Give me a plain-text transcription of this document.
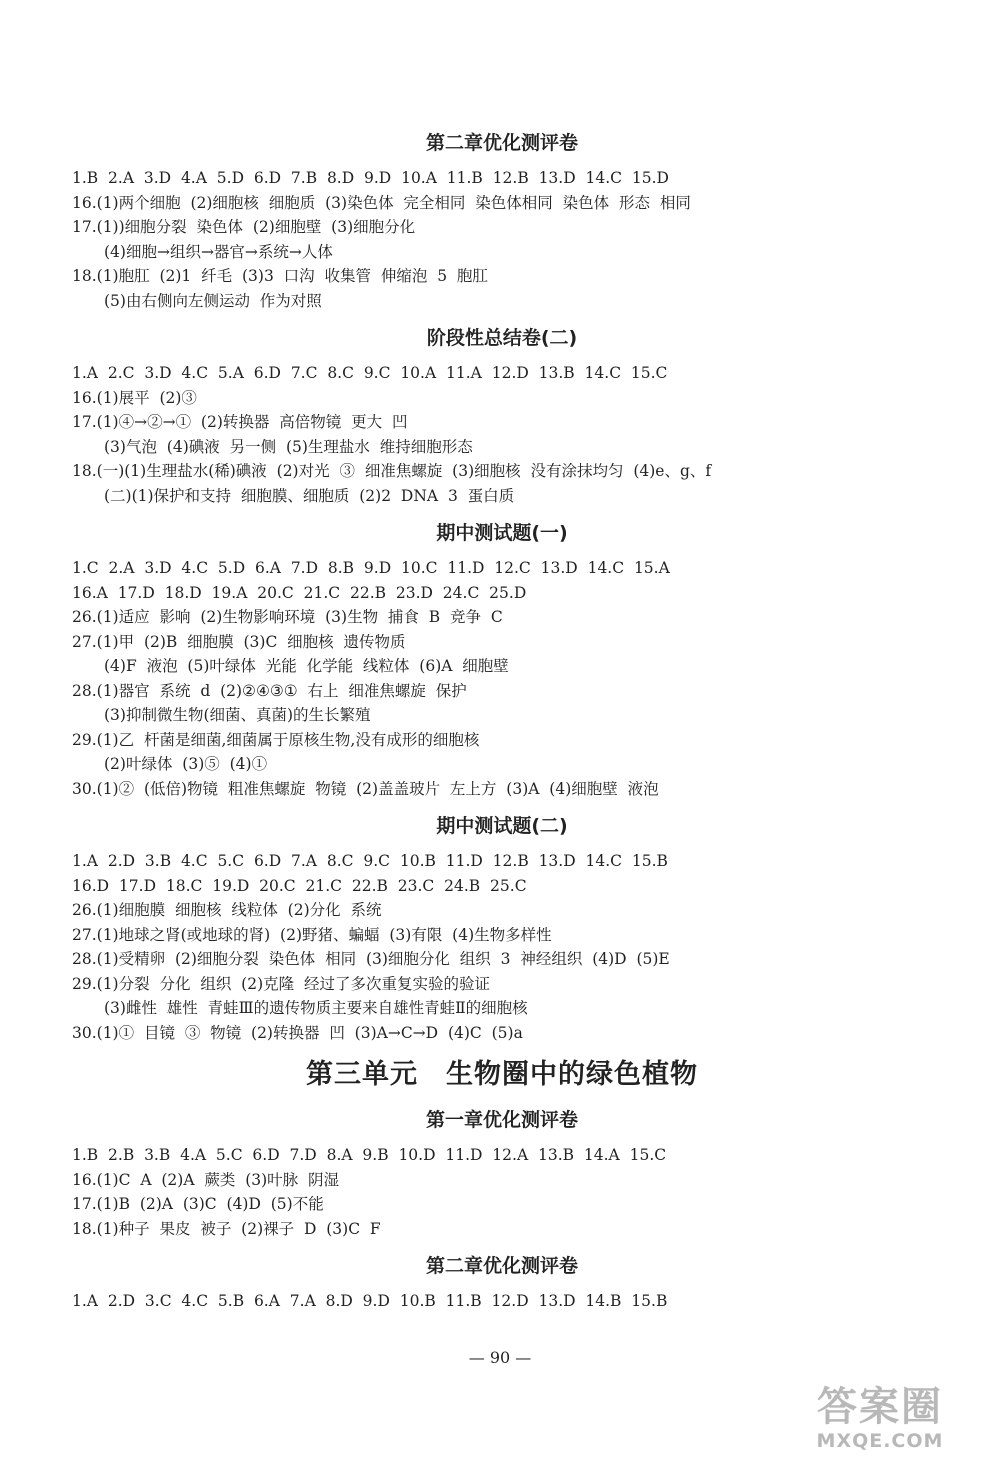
第二章优化测评卷
1.B  2.A  3.D  4.A  5.D  6.D  7.B  8.D  9.D  10.A  11.B  12.B  13.D  14.C  15.D
16.(1)两个细胞  (2)细胞核  细胞质  (3)染色体  完全相同  染色体相同  染色体  形态  相同
17.(1))细胞分裂  染色体  (2)细胞壁  (3)细胞分化
(4)细胞→组织→器官→系统→人体
18.(1)胞肛  (2)1  纤毛  (3)3  口沟  收集管  伸缩泡  5  胞肛
(5)由右侧向左侧运动  作为对照
阶段性总结卷(二)
1.A  2.C  3.D  4.C  5.A  6.D  7.C  8.C  9.C  10.A  11.A  12.D  13.B  14.C  15.C
16.(1)展平  (2)③
17.(1)④→②→①  (2)转换器  高倍物镜  更大  凹
(3)气泡  (4)碘液  另一侧  (5)生理盐水  维持细胞形态
18.(一)(1)生理盐水(稀)碘液  (2)对光  ③  细准焦螺旋  (3)细胞核  没有涂抹均匀  (4)e、g、f
(二)(1)保护和支持  细胞膜、细胞质  (2)2  DNA  3  蛋白质
期中测试题(一)
1.C  2.A  3.D  4.C  5.D  6.A  7.D  8.B  9.D  10.C  11.D  12.C  13.D  14.C  15.A
16.A  17.D  18.D  19.A  20.C  21.C  22.B  23.D  24.C  25.D
26.(1)适应  影响  (2)生物影响环境  (3)生物  捕食  B  竞争  C
27.(1)甲  (2)B  细胞膜  (3)C  细胞核  遗传物质
(4)F  液泡  (5)叶绿体  光能  化学能  线粒体  (6)A  细胞壁
28.(1)器官  系统  d  (2)②④③①  右上  细准焦螺旋  保护
(3)抑制微生物(细菌、真菌)的生长繁殖
29.(1)乙  杆菌是细菌,细菌属于原核生物,没有成形的细胞核
(2)叶绿体  (3)⑤  (4)①
30.(1)②  (低倍)物镜  粗准焦螺旋  物镜  (2)盖盖玻片  左上方  (3)A  (4)细胞壁  液泡
期中测试题(二)
1.A  2.D  3.B  4.C  5.C  6.D  7.A  8.C  9.C  10.B  11.D  12.B  13.D  14.C  15.B
16.D  17.D  18.C  19.D  20.C  21.C  22.B  23.C  24.B  25.C
26.(1)细胞膜  细胞核  线粒体  (2)分化  系统
27.(1)地球之肾(或地球的肾)  (2)野猪、蝙蝠  (3)有限  (4)生物多样性
28.(1)受精卵  (2)细胞分裂  染色体  相同  (3)细胞分化  组织  3  神经组织  (4)D  (5)E
29.(1)分裂  分化  组织  (2)克隆  经过了多次重复实验的验证
(3)雌性  雄性  青蛙Ⅲ的遗传物质主要来自雄性青蛙Ⅱ的细胞核
30.(1)①  目镜  ③  物镜  (2)转换器  凹  (3)A→C→D  (4)C  (5)a
第三单元　生物圈中的绿色植物
第一章优化测评卷
1.B  2.B  3.B  4.A  5.C  6.D  7.D  8.A  9.B  10.D  11.D  12.A  13.B  14.A  15.C
16.(1)C  A  (2)A  蕨类  (3)叶脉  阴湿
17.(1)B  (2)A  (3)C  (4)D  (5)不能
18.(1)种子  果皮  被子  (2)裸子  D  (3)C  F
第二章优化测评卷
1.A  2.D  3.C  4.C  5.B  6.A  7.A  8.D  9.D  10.B  11.B  12.D  13.D  14.B  15.B
— 90 —
答案圈
MXQE.COM
